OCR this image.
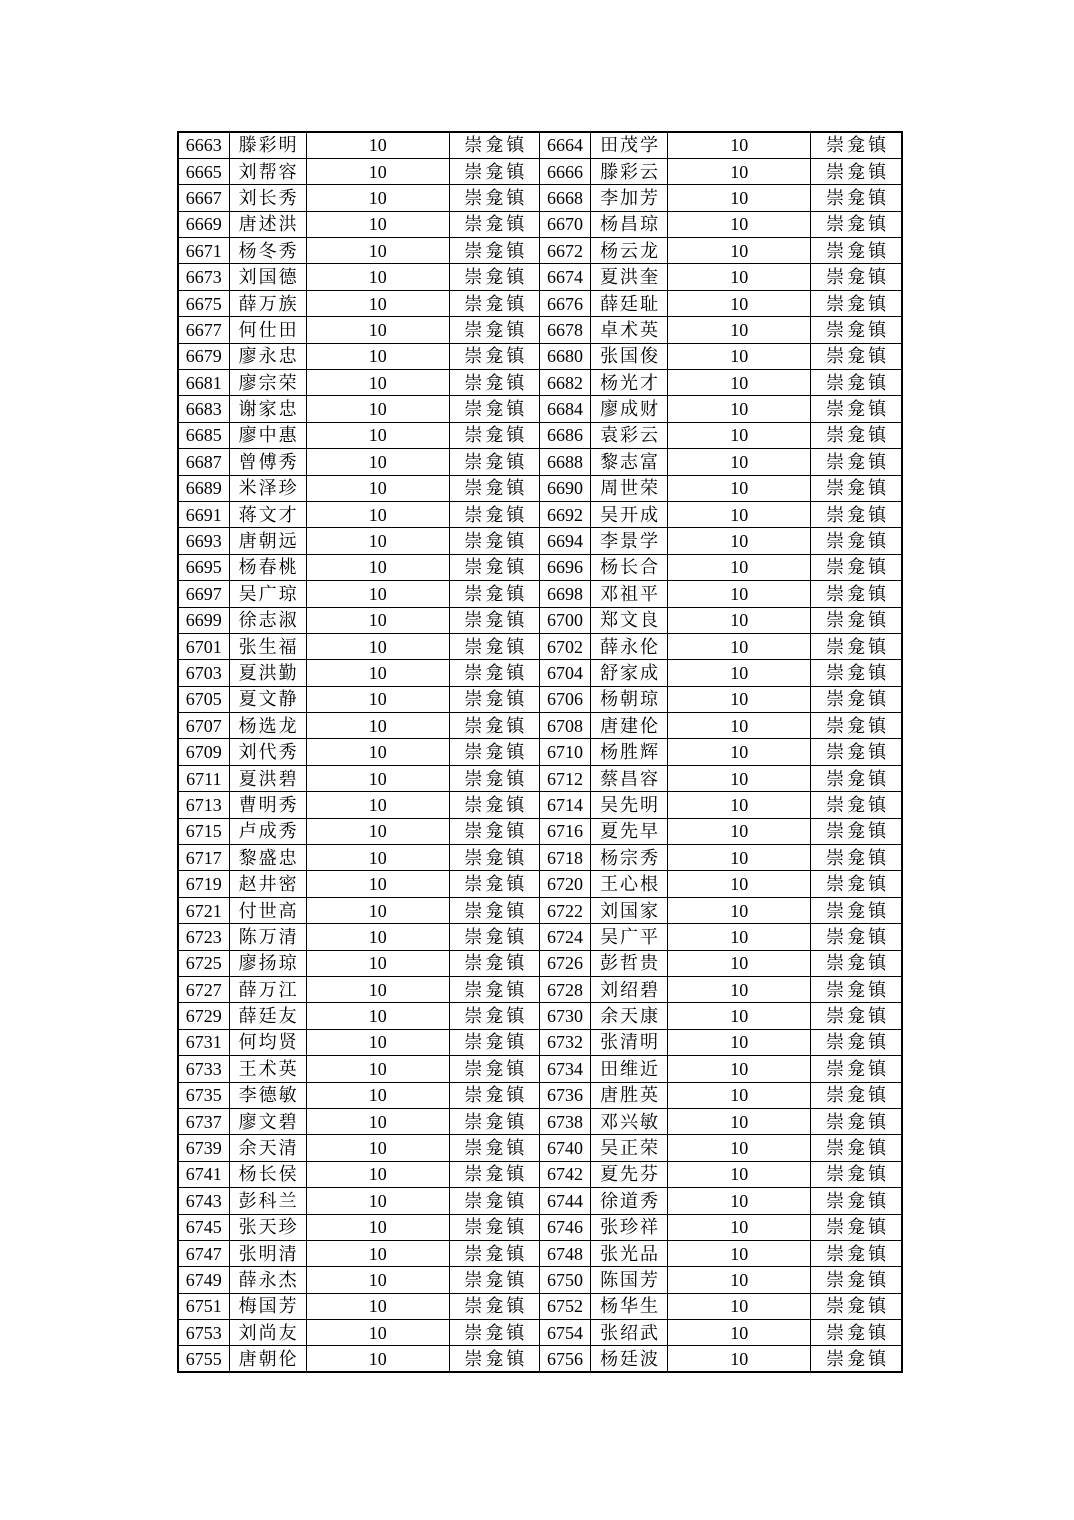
6663	滕彩明	10	崇龛镇	6664	田茂学	10	崇龛镇
6665	刘帮容	10	崇龛镇	6666	滕彩云	10	崇龛镇
6667	刘长秀	10	崇龛镇	6668	李加芳	10	崇龛镇
6669	唐述洪	10	崇龛镇	6670	杨昌琼	10	崇龛镇
6671	杨冬秀	10	崇龛镇	6672	杨云龙	10	崇龛镇
6673	刘国德	10	崇龛镇	6674	夏洪奎	10	崇龛镇
6675	薛万族	10	崇龛镇	6676	薛廷耻	10	崇龛镇
6677	何仕田	10	崇龛镇	6678	卓术英	10	崇龛镇
6679	廖永忠	10	崇龛镇	6680	张国俊	10	崇龛镇
6681	廖宗荣	10	崇龛镇	6682	杨光才	10	崇龛镇
6683	谢家忠	10	崇龛镇	6684	廖成财	10	崇龛镇
6685	廖中惠	10	崇龛镇	6686	袁彩云	10	崇龛镇
6687	曾傅秀	10	崇龛镇	6688	黎志富	10	崇龛镇
6689	米泽珍	10	崇龛镇	6690	周世荣	10	崇龛镇
6691	蒋文才	10	崇龛镇	6692	吴开成	10	崇龛镇
6693	唐朝远	10	崇龛镇	6694	李景学	10	崇龛镇
6695	杨春桃	10	崇龛镇	6696	杨长合	10	崇龛镇
6697	吴广琼	10	崇龛镇	6698	邓祖平	10	崇龛镇
6699	徐志淑	10	崇龛镇	6700	郑文良	10	崇龛镇
6701	张生福	10	崇龛镇	6702	薛永伦	10	崇龛镇
6703	夏洪勤	10	崇龛镇	6704	舒家成	10	崇龛镇
6705	夏文静	10	崇龛镇	6706	杨朝琼	10	崇龛镇
6707	杨选龙	10	崇龛镇	6708	唐建伦	10	崇龛镇
6709	刘代秀	10	崇龛镇	6710	杨胜辉	10	崇龛镇
6711	夏洪碧	10	崇龛镇	6712	蔡昌容	10	崇龛镇
6713	曹明秀	10	崇龛镇	6714	吴先明	10	崇龛镇
6715	卢成秀	10	崇龛镇	6716	夏先早	10	崇龛镇
6717	黎盛忠	10	崇龛镇	6718	杨宗秀	10	崇龛镇
6719	赵井密	10	崇龛镇	6720	王心根	10	崇龛镇
6721	付世高	10	崇龛镇	6722	刘国家	10	崇龛镇
6723	陈万清	10	崇龛镇	6724	吴广平	10	崇龛镇
6725	廖扬琼	10	崇龛镇	6726	彭哲贵	10	崇龛镇
6727	薛万江	10	崇龛镇	6728	刘绍碧	10	崇龛镇
6729	薛廷友	10	崇龛镇	6730	余天康	10	崇龛镇
6731	何均贤	10	崇龛镇	6732	张清明	10	崇龛镇
6733	王术英	10	崇龛镇	6734	田维近	10	崇龛镇
6735	李德敏	10	崇龛镇	6736	唐胜英	10	崇龛镇
6737	廖文碧	10	崇龛镇	6738	邓兴敏	10	崇龛镇
6739	余天清	10	崇龛镇	6740	吴正荣	10	崇龛镇
6741	杨长侯	10	崇龛镇	6742	夏先芬	10	崇龛镇
6743	彭科兰	10	崇龛镇	6744	徐道秀	10	崇龛镇
6745	张天珍	10	崇龛镇	6746	张珍祥	10	崇龛镇
6747	张明清	10	崇龛镇	6748	张光品	10	崇龛镇
6749	薛永杰	10	崇龛镇	6750	陈国芳	10	崇龛镇
6751	梅国芳	10	崇龛镇	6752	杨华生	10	崇龛镇
6753	刘尚友	10	崇龛镇	6754	张绍武	10	崇龛镇
6755	唐朝伦	10	崇龛镇	6756	杨廷波	10	崇龛镇
